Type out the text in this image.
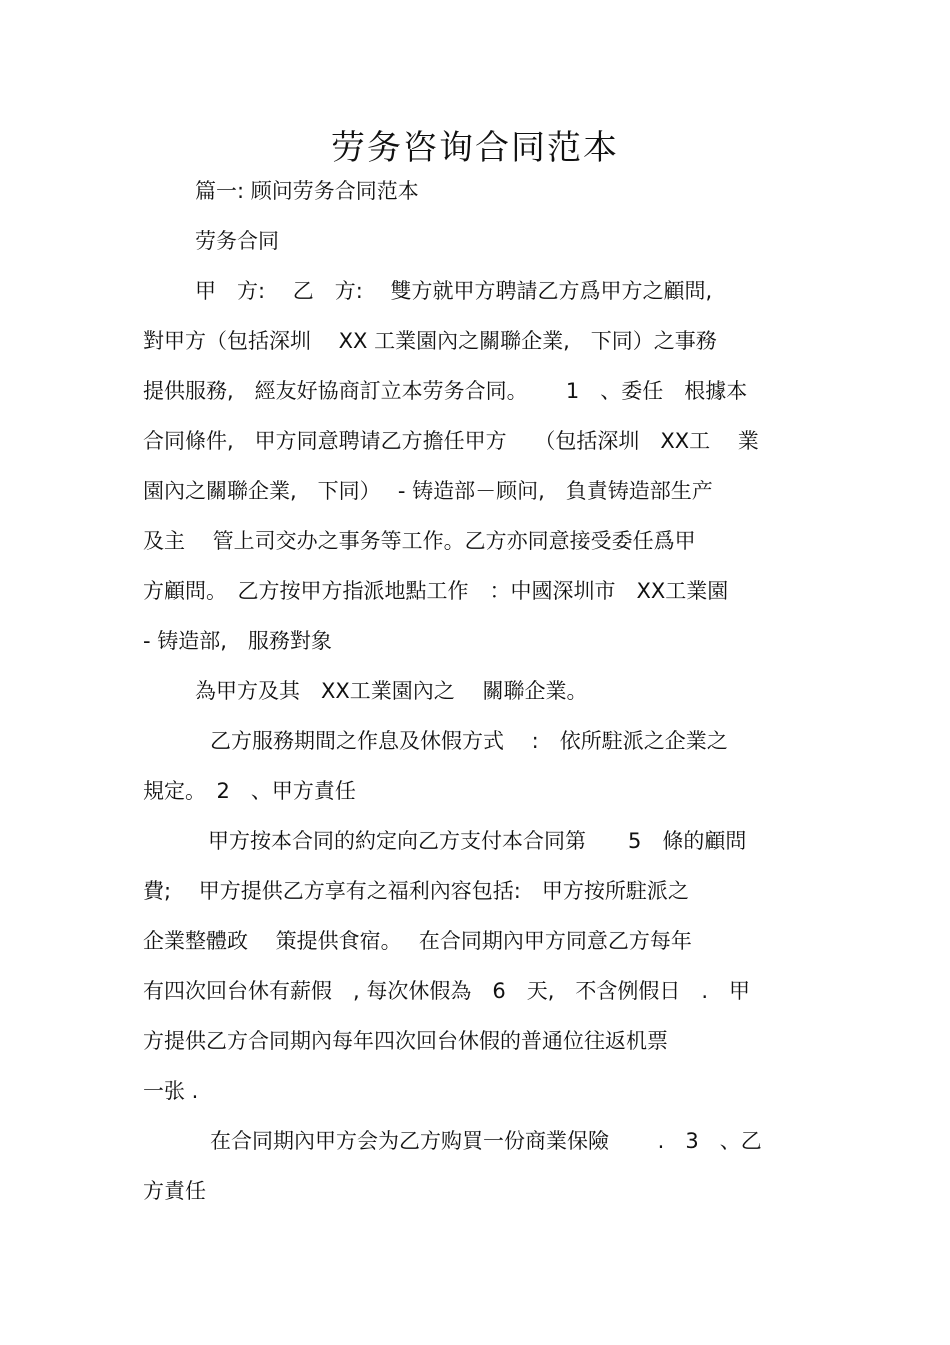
劳务咨询合同范本
篇一: 顾问劳务合同范本
劳务合同
甲　方:　 乙　方:　 雙方就甲方聘請乙方爲甲方之顧問,
對甲方（包括深圳　 XX 工業園內之關聯企業,　下同）之事務
提供服務,　經友好協商訂立本劳务合同。　　 1　、委任　根據本
合同條件,　甲方同意聘请乙方擔任甲方　 （包括深圳　XX工　 業
園內之關聯企業,　下同）　 - 铸造部－顾问,　負責铸造部生产
及主　 管上司交办之事务等工作。乙方亦同意接受委任爲甲
方顧問。　乙方按甲方指派地點工作　：中國深圳市　XX工業園
- 铸造部,　服務對象
為甲方及其　XX工業園內之　 關聯企業。
乙方服務期間之作息及休假方式　 :　依所駐派之企業之
規定。　2　、甲方責任
甲方按本合同的約定向乙方支付本合同第　　5　條的顧問
費;　 甲方提供乙方享有之福利內容包括:　甲方按所駐派之
企業整體政　 策提供食宿。　 在合同期內甲方同意乙方每年
有四次回台休有薪假　, 每次休假為　6　天,　不含例假日　.　甲
方提供乙方合同期內每年四次回台休假的普通位往返机票
一张 .
在合同期內甲方会为乙方购買一份商業保險　　 .　3　、乙
方責任
